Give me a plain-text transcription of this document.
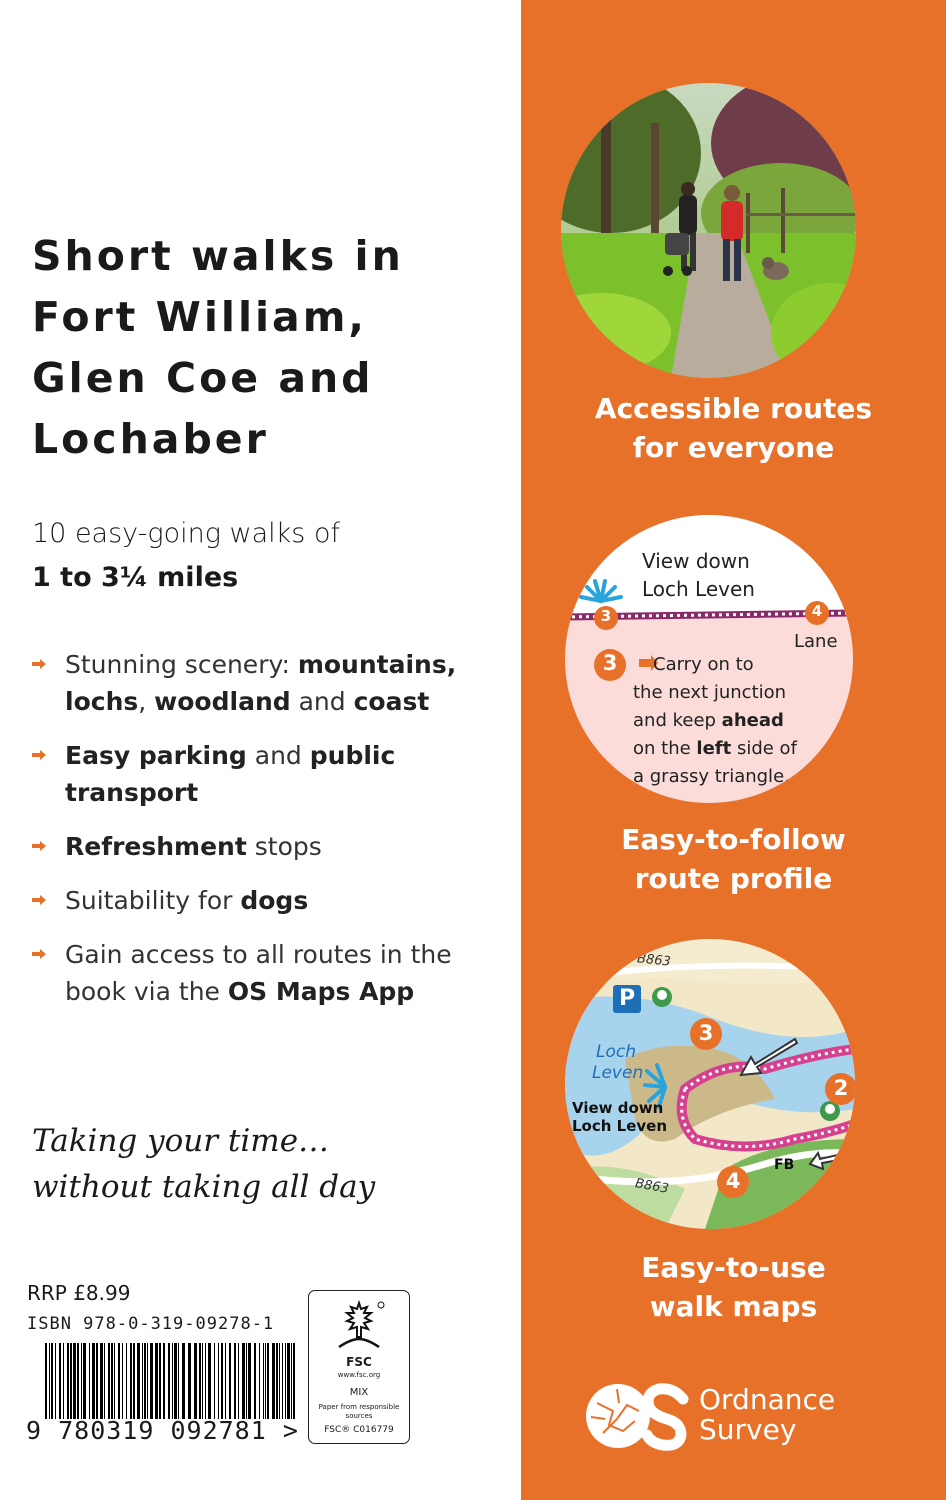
Short walks in
Fort William,
Glen Coe and
Lochaber
10 easy-going walks of
1 to 3¼ miles
Stunning scenery: mountains,
lochs, woodland and coast
Easy parking and public
transport
Refreshment stops
Suitability for dogs
Gain access to all routes in the
book via the OS Maps App
Taking your time…
without taking all day
RRP £8.99
ISBN 978-0-319-09278-1
9 780319 092781 >
FSC
www.fsc.org
MIX
Paper from responsible sources
FSC® C016779
Accessible routes
for everyone
3	4
View down
Loch Leven
Lane
3	Carry on to
the next junction
and keep ahead
on the left side of
a grassy triangle.
Easy-to-follow
route profile
P
B863
B863
Loch
Leven
View down
Loch Leven
FB
3
2
4
Easy-to-use
walk maps
Ordnance
Survey
